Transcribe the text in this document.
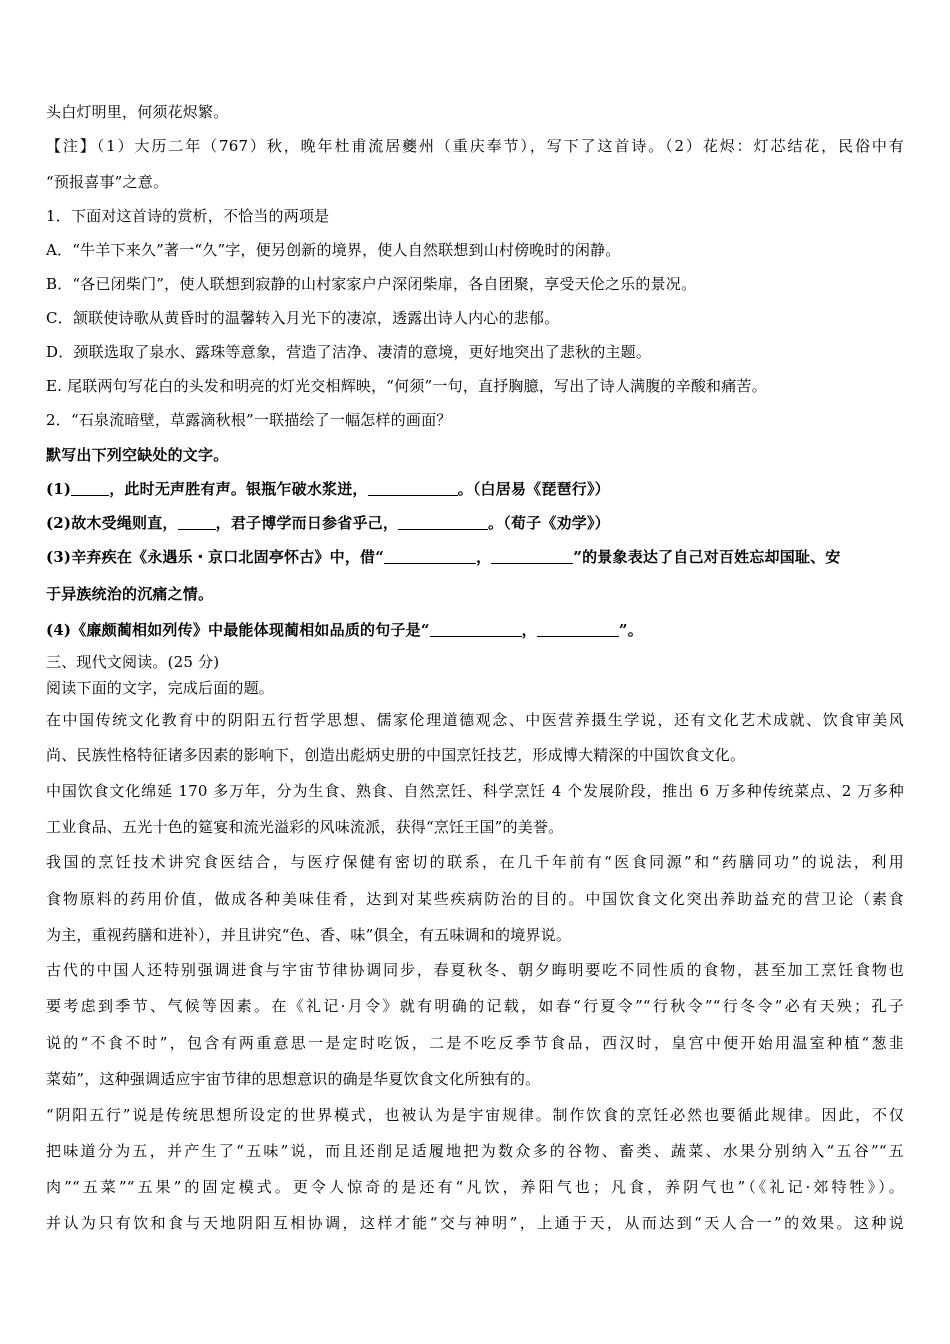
头白灯明里，何须花烬繁。
【注】（1）大历二年（767）秋，晚年杜甫流居夔州（重庆奉节），写下了这首诗。（2）花烬：灯芯结花，民俗中有
“预报喜事”之意。
1．下面对这首诗的赏析，不恰当的两项是
A．“牛羊下来久”著一“久”字，便另创新的境界，使人自然联想到山村傍晚时的闲静。
B．“各已闭柴门”，使人联想到寂静的山村家家户户深闭柴扉，各自团聚，享受天伦之乐的景况。
C．颔联使诗歌从黄昏时的温馨转入月光下的凄凉，透露出诗人内心的悲郁。
D．颈联选取了泉水、露珠等意象，营造了洁净、凄清的意境，更好地突出了悲秋的主题。
E. 尾联两句写花白的头发和明亮的灯光交相辉映，“何须”一句，直抒胸臆，写出了诗人满腹的辛酸和痛苦。
2．“石泉流暗壁，草露滴秋根”一联描绘了一幅怎样的画面？
默写出下列空缺处的文字。
(1)	，此时无声胜有声。银瓶乍破水浆迸，	。（白居易《琵琶行》）
(2)故木受绳则直，	，君子博学而日参省乎己，	。（荀子《劝学》）
(3)辛弃疾在《永遇乐・京口北固亭怀古》中，借“	，	”的景象表达了自己对百姓忘却国耻、安
于异族统治的沉痛之情。
(4)《廉颇蔺相如列传》中最能体现蔺相如品质的句子是“	，	”。
三、现代文阅读。(25 分)
阅读下面的文字，完成后面的题。
在中国传统文化教育中的阴阳五行哲学思想、儒家伦理道德观念、中医营养摄生学说，还有文化艺术成就、饮食审美风
尚、民族性格特征诸多因素的影响下，创造出彪炳史册的中国烹饪技艺，形成博大精深的中国饮食文化。
中国饮食文化绵延 170 多万年，分为生食、熟食、自然烹饪、科学烹饪 4 个发展阶段，推出 6 万多种传统菜点、2 万多种
工业食品、五光十色的筵宴和流光溢彩的风味流派，获得“烹饪王国”的美誉。
我国的烹饪技术讲究食医结合，与医疗保健有密切的联系，在几千年前有“医食同源”和“药膳同功”的说法，利用
食物原料的药用价值，做成各种美味佳肴，达到对某些疾病防治的目的。中国饮食文化突出养助益充的营卫论（素食
为主，重视药膳和进补），并且讲究“色、香、味”俱全，有五味调和的境界说。
古代的中国人还特别强调进食与宇宙节律协调同步，春夏秋冬、朝夕晦明要吃不同性质的食物，甚至加工烹饪食物也
要考虑到季节、气候等因素。在《礼记·月令》就有明确的记载，如春“行夏令”“行秋令”“行冬令”必有天殃；孔子
说的“不食不时”，包含有两重意思一是定时吃饭，二是不吃反季节食品，西汉时，皇宫中便开始用温室种植“葱韭
菜茹”，这种强调适应宇宙节律的思想意识的确是华夏饮食文化所独有的。
“阴阳五行”说是传统思想所设定的世界模式，也被认为是宇宙规律。制作饮食的烹饪必然也要循此规律。因此，不仅
把味道分为五，并产生了“五味”说，而且还削足适履地把为数众多的谷物、畜类、蔬菜、水果分别纳入“五谷”“五
肉”“五菜”“五果”的固定模式。更令人惊奇的是还有“凡饮，养阳气也；凡食，养阴气也”（《礼记·郊特牲》）。
并认为只有饮和食与天地阴阳互相协调，这样才能“交与神明”，上通于天，从而达到“天人合一”的效果。这种说
